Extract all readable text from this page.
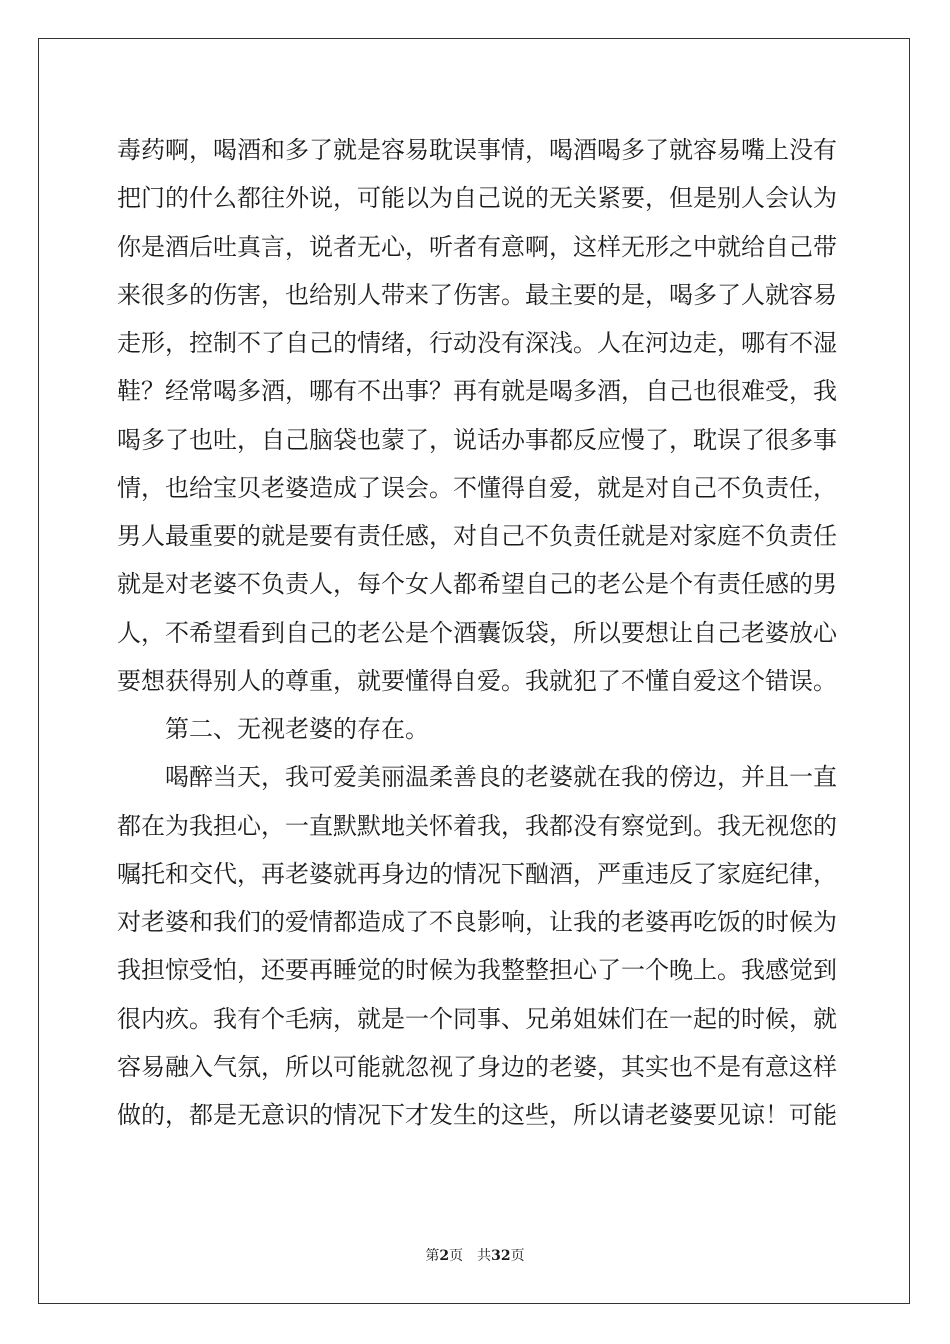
毒药啊，喝酒和多了就是容易耽误事情，喝酒喝多了就容易嘴上没有
把门的什么都往外说，可能以为自己说的无关紧要，但是别人会认为
你是酒后吐真言，说者无心，听者有意啊，这样无形之中就给自己带
来很多的伤害，也给别人带来了伤害。最主要的是，喝多了人就容易
走形，控制不了自己的情绪，行动没有深浅。人在河边走，哪有不湿
鞋？经常喝多酒，哪有不出事？再有就是喝多酒，自己也很难受，我
喝多了也吐，自己脑袋也蒙了，说话办事都反应慢了，耽误了很多事
情，也给宝贝老婆造成了误会。不懂得自爱，就是对自己不负责任，
男人最重要的就是要有责任感，对自己不负责任就是对家庭不负责任
就是对老婆不负责人，每个女人都希望自己的老公是个有责任感的男
人，不希望看到自己的老公是个酒囊饭袋，所以要想让自己老婆放心
要想获得别人的尊重，就要懂得自爱。我就犯了不懂自爱这个错误。
　　第二、无视老婆的存在。
　　喝醉当天，我可爱美丽温柔善良的老婆就在我的傍边，并且一直
都在为我担心，一直默默地关怀着我，我都没有察觉到。我无视您的
嘱托和交代，再老婆就再身边的情况下酗酒，严重违反了家庭纪律，
对老婆和我们的爱情都造成了不良影响，让我的老婆再吃饭的时候为
我担惊受怕，还要再睡觉的时候为我整整担心了一个晚上。我感觉到
很内疚。我有个毛病，就是一个同事、兄弟姐妹们在一起的时候，就
容易融入气氛，所以可能就忽视了身边的老婆，其实也不是有意这样
做的，都是无意识的情况下才发生的这些，所以请老婆要见谅！可能
第2页 共32页
